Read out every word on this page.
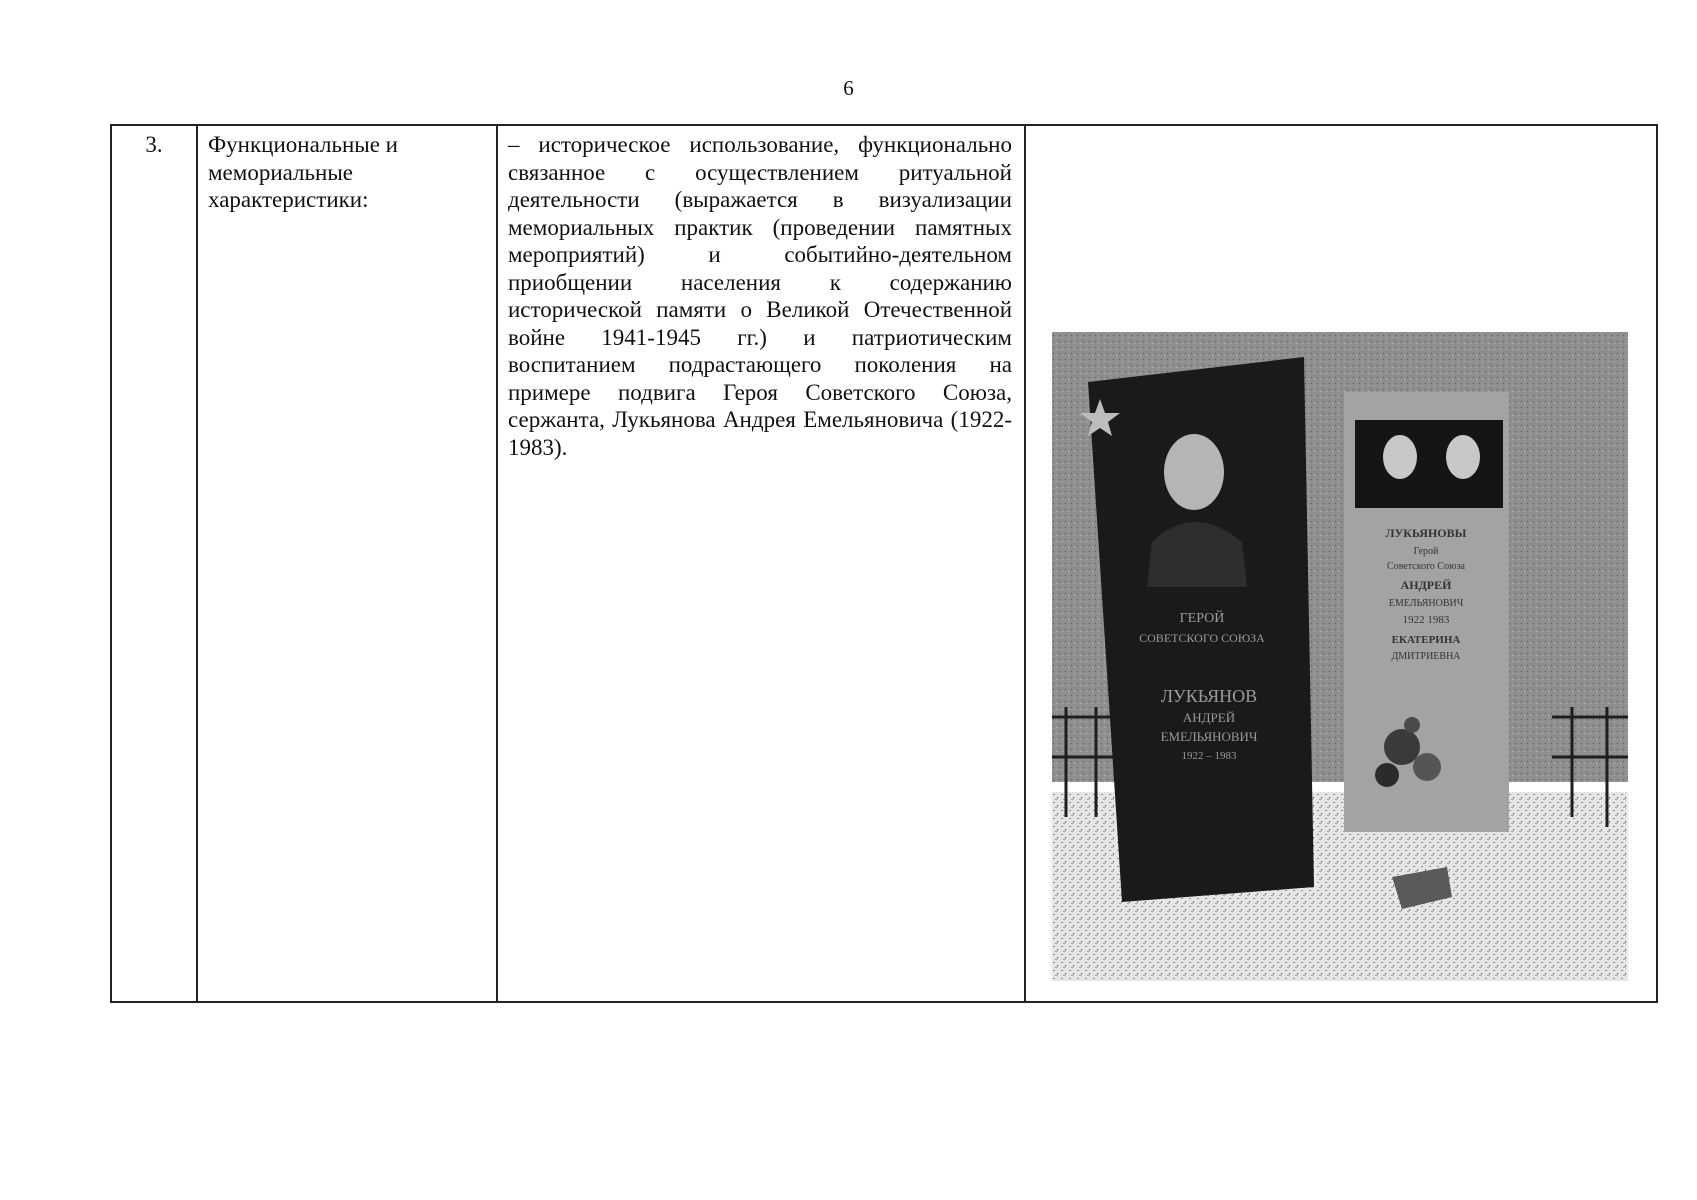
6
3.	Функциональные и мемориальные характеристики:	– историческое использование, функционально связанное с осуществлением ритуальной деятельности (выражается в визуализации мемориальных практик (проведении памятных мероприятий) и событийно-деятельном приобщении населения к содержанию исторической памяти о Великой Отечественной войне 1941-1945 гг.) и патриотическим воспитанием подрастающего поколения на примере подвига Героя Советского Союза, сержанта, Лукьянова Андрея Емельяновича (1922-1983).	
ГЕРОЙ
СОВЕТСКОГО СОЮЗА
ЛУКЬЯНОВ
АНДРЕЙ
ЕМЕЛЬЯНОВИЧ
1922 – 1983
ЛУКЬЯНОВЫ
Герой
Советского Союза
АНДРЕЙ
ЕМЕЛЬЯНОВИЧ
1922 1983
ЕКАТЕРИНА
ДМИТРИЕВНА
